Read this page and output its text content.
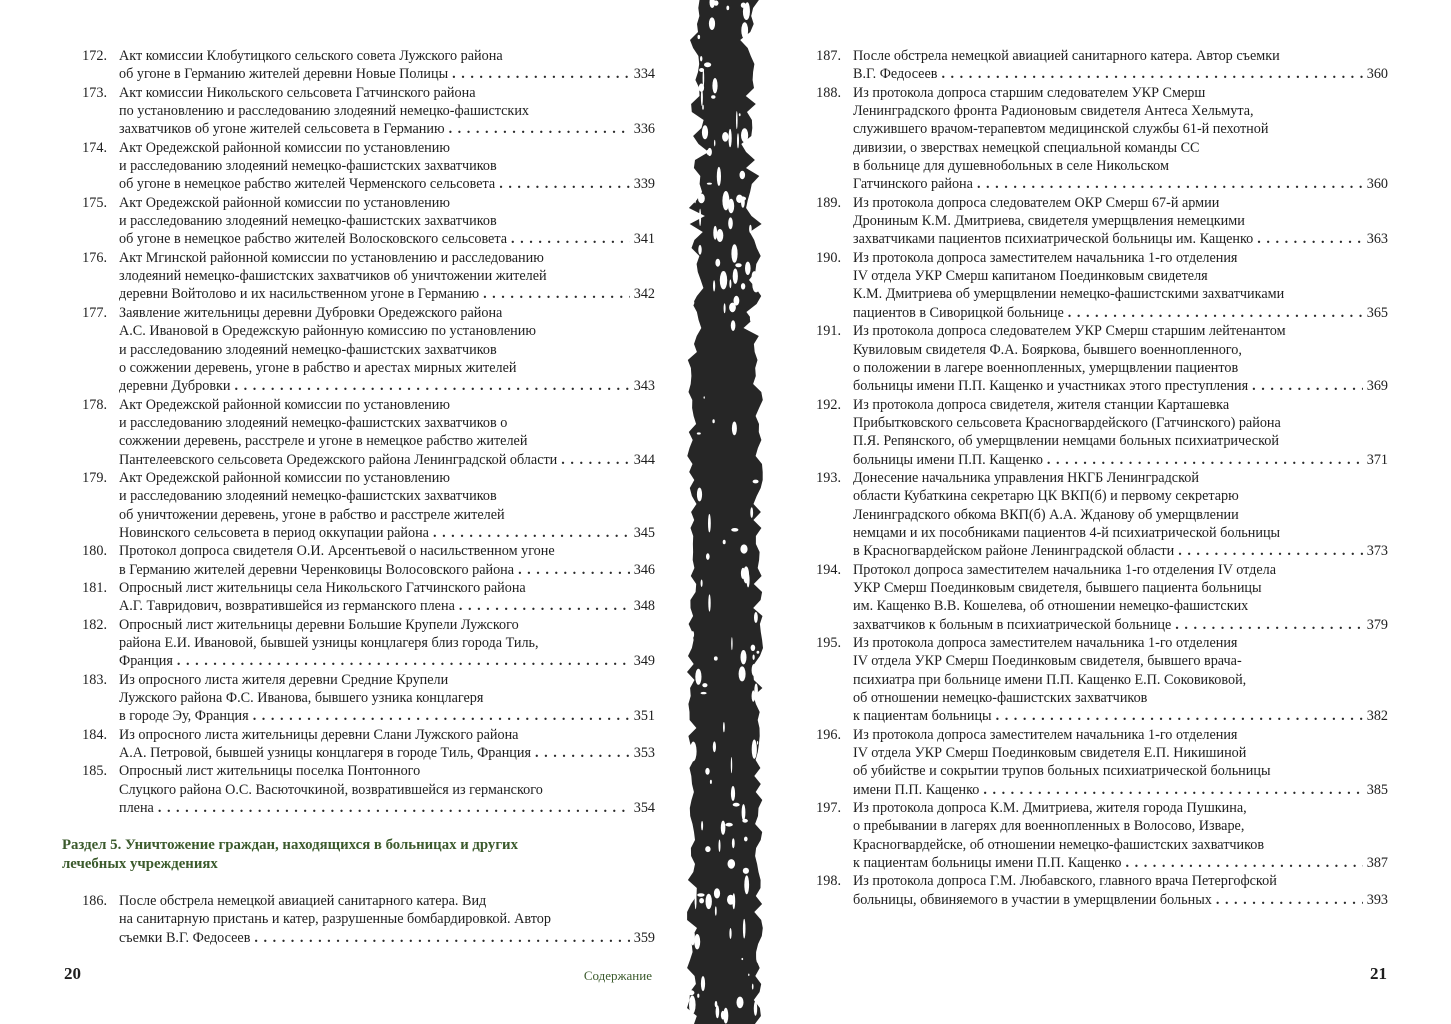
172. Акт комиссии Клобутицкого сельского совета Лужского района
об угоне в Германию жителей деревни Новые Полицы . . .	334
173. Акт комиссии Никольского сельсовета Гатчинского района
по установлению и расследованию злодеяний немецко-фашистских
захватчиков об угоне жителей сельсовета в Германию . . .	336
174. Акт Оредежской районной комиссии по установлению
и расследованию злодеяний немецко-фашистских захватчиков
об угоне в немецкое рабство жителей Черменского сельсовета . . .	339
175. Акт Оредежской районной комиссии по установлению
и расследованию злодеяний немецко-фашистских захватчиков
об угоне в немецкое рабство жителей Волосковского сельсовета . . .	341
176. Акт Мгинской районной комиссии по установлению и расследованию
злодеяний немецко-фашистских захватчиков об уничтожении жителей
деревни Войтолово и их насильственном угоне в Германию . . .	342
177. Заявление жительницы деревни Дубровки Оредежского района
А.С. Ивановой в Оредежскую районную комиссию по установлению
и расследованию злодеяний немецко-фашистских захватчиков
о сожжении деревень, угоне в рабство и арестах мирных жителей
деревни Дубровки . . .	343
178. Акт Оредежской районной комиссии по установлению
и расследованию злодеяний немецко-фашистских захватчиков о
сожжении деревень, расстреле и угоне в немецкое рабство жителей
Пантелеевского сельсовета Оредежского района Ленинградской области . . .	344
179. Акт Оредежской районной комиссии по установлению
и расследованию злодеяний немецко-фашистских захватчиков
об уничтожении деревень, угоне в рабство и расстреле жителей
Новинского сельсовета в период оккупации района . . .	345
180. Протокол допроса свидетеля О.И. Арсентьевой о насильственном угоне
в Германию жителей деревни Черенковицы Волосовского района . . .	346
181. Опросный лист жительницы села Никольского Гатчинского района
А.Г. Тавридович, возвратившейся из германского плена . . .	348
182. Опросный лист жительницы деревни Большие Крупели Лужского
района Е.И. Ивановой, бывшей узницы концлагеря близ города Тиль,
Франция . . .	349
183. Из опросного листа жителя деревни Средние Крупели
Лужского района Ф.С. Иванова, бывшего узника концлагеря
в городе Эу, Франция . . .	351
184. Из опросного листа жительницы деревни Слани Лужского района
А.А. Петровой, бывшей узницы концлагеря в городе Тиль, Франция . . .	353
185. Опросный лист жительницы поселка Понтонного
Слуцкого района О.С. Васюточкиной, возвратившейся из германского
плена . . .	354
Раздел 5. Уничтожение граждан, находящихся в больницах и других лечебных учреждениях
186. После обстрела немецкой авиацией санитарного катера. Вид
на санитарную пристань и катер, разрушенные бомбардировкой. Автор
съемки В.Г. Федосеев . . .	359
20	Содержание
187. После обстрела немецкой авиацией санитарного катера. Автор съемки
В.Г. Федосеев . . .	360
188. Из протокола допроса старшим следователем УКР Смерш
Ленинградского фронта Радионовым свидетеля Антеса Хельмута,
служившего врачом-терапевтом медицинской службы 61-й пехотной
дивизии, о зверствах немецкой специальной команды СС
в больнице для душевнобольных в селе Никольском
Гатчинского района . . .	360
189. Из протокола допроса следователем ОКР Смерш 67-й армии
Дрониным К.М. Дмитриева, свидетеля умерщвления немецкими
захватчиками пациентов психиатрической больницы им. Кащенко . . .	363
190. Из протокола допроса заместителем начальника 1-го отделения
IV отдела УКР Смерш капитаном Поединковым свидетеля
К.М. Дмитриева об умерщвлении немецко-фашистскими захватчиками
пациентов в Сиворицкой больнице . . .	365
191. Из протокола допроса следователем УКР Смерш старшим лейтенантом
Кувиловым свидетеля Ф.А. Бояркова, бывшего военнопленного,
о положении в лагере военнопленных, умерщвлении пациентов
больницы имени П.П. Кащенко и участниках этого преступления . . .	369
192. Из протокола допроса свидетеля, жителя станции Карташевка
Прибытковского сельсовета Красногвардейского (Гатчинского) района
П.Я. Репянского, об умерщвлении немцами больных психиатрической
больницы имени П.П. Кащенко . . .	371
193. Донесение начальника управления НКГБ Ленинградской
области Кубаткина секретарю ЦК ВКП(б) и первому секретарю
Ленинградского обкома ВКП(б) А.А. Жданову об умерщвлении
немцами и их пособниками пациентов 4-й психиатрической больницы
в Красногвардейском районе Ленинградской области . . .	373
194. Протокол допроса заместителем начальника 1-го отделения IV отдела
УКР Смерш Поединковым свидетеля, бывшего пациента больницы
им. Кащенко В.В. Кошелева, об отношении немецко-фашистских
захватчиков к больным в психиатрической больнице . . .	379
195. Из протокола допроса заместителем начальника 1-го отделения
IV отдела УКР Смерш Поединковым свидетеля, бывшего врача-
психиатра при больнице имени П.П. Кащенко Е.П. Соковиковой,
об отношении немецко-фашистских захватчиков
к пациентам больницы . . .	382
196. Из протокола допроса заместителем начальника 1-го отделения
IV отдела УКР Смерш Поединковым свидетеля Е.П. Никишиной
об убийстве и сокрытии трупов больных психиатрической больницы
имени П.П. Кащенко . . .	385
197. Из протокола допроса К.М. Дмитриева, жителя города Пушкина,
о пребывании в лагерях для военнопленных в Волосово, Изваре,
Красногвардейске, об отношении немецко-фашистских захватчиков
к пациентам больницы имени П.П. Кащенко . . .	387
198. Из протокола допроса Г.М. Любавского, главного врача Петергофской
больницы, обвиняемого в участии в умерщвлении больных . . .	393
21
